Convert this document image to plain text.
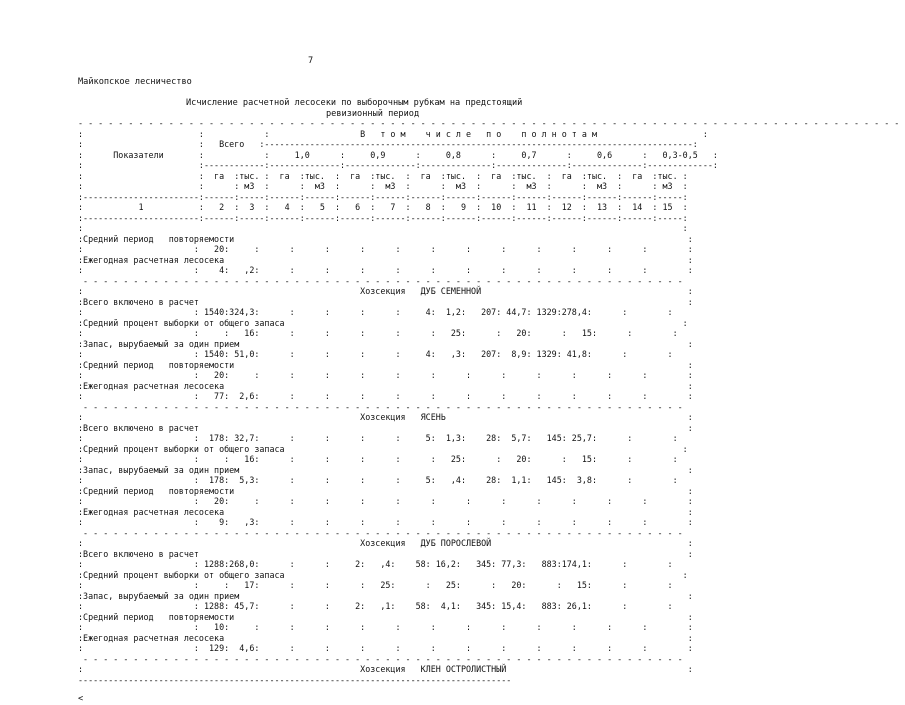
7
Майкопское лесничество
Исчисление расчетной лесосеки по выборочным рубкам на предстоящий
ревизионный период
- - - - - - - - - - - - - - - - - - - - - - - - - - - - - - - - - - - - - - - - - - - - - - - - - - - - - - - - - - - - - - - - - - - - - - - - - - - - - - - - - -
:                       :            :                  В   т о м    ч и с л е   п о    п о л н о т а м                     :
:                       :   Всего   :-------------------------------------------------------------------------------------:
:      Показатели       :            :     1,0      :     0,9      :     0,8      :     0,7      :     0,6      :   0,3-0,5   :
:                       :------------:--------------:--------------:--------------:--------------:--------------:-------------:
:                       :  га  :тыс. :  га  :тыс.  :  га  :тыс.  :  га  :тыс.  :  га  :тыс.  :  га  :тыс.  :  га  :тыс. :
:                       :      : м3  :      :  м3  :      :  м3  :      :  м3  :      :  м3  :      :  м3  :      : м3  :
:-----------------------:------:-----:------:------:------:------:------:------:------:------:------:------:------:-----:
:           1           :   2  :  3  :   4  :   5  :   6  :   7  :   8  :   9  :  10  :  11  :  12  :  13  :  14  : 15  :
:-----------------------:------:-----:------:------:------:------:------:------:------:------:------:------:------:-----:
:                                                                                                                       :
:Средний период   повторяемости                                                                                          :
:                      :   20:     :      :      :      :      :      :      :      :      :      :      :      :        :
:Ежегодная расчетная лесосека                                                                                            :
:                      :    4:   ,2:      :      :      :      :      :      :      :      :      :      :      :        :
- - - - - - - - - - - - - - - - - - - - - - - - - - - - - - - - - - - - - - - - - - - - - - - - - - - - - - - - - - - -
:                                                       Хозсекция   ДУБ СЕМЕННОЙ                                         :
:Всего включено в расчет                                                                                                 :
:                      : 1540:324,3:      :      :      :      :     4:  1,2:   207: 44,7: 1329:278,4:      :        :
:Средний процент выборки от общего запаса                                                                               :
:                      :     :   16:      :      :      :      :      :   25:      :   20:      :   15:      :        :
:Запас, вырубаемый за один прием                                                                                         :
:                      : 1540: 51,0:      :      :      :      :     4:   ,3:   207:  8,9: 1329: 41,8:      :        :
:Средний период   повторяемости                                                                                          :
:                      :   20:     :      :      :      :      :      :      :      :      :      :      :      :        :
:Ежегодная расчетная лесосека                                                                                            :
:                      :   77:  2,6:      :      :      :      :      :      :      :      :      :      :      :        :
- - - - - - - - - - - - - - - - - - - - - - - - - - - - - - - - - - - - - - - - - - - - - - - - - - - - - - - - - - - -
:                                                       Хозсекция   ЯСЕНЬ                                                :
:Всего включено в расчет                                                                                                 :
:                      :  178: 32,7:      :      :      :      :     5:  1,3:    28:  5,7:   145: 25,7:      :        :
:Средний процент выборки от общего запаса                                                                               :
:                      :     :   16:      :      :      :      :      :   25:      :   20:      :   15:      :        :
:Запас, вырубаемый за один прием                                                                                         :
:                      :  178:  5,3:      :      :      :      :     5:   ,4:    28:  1,1:   145:  3,8:      :        :
:Средний период   повторяемости                                                                                          :
:                      :   20:     :      :      :      :      :      :      :      :      :      :      :      :        :
:Ежегодная расчетная лесосека                                                                                            :
:                      :    9:   ,3:      :      :      :      :      :      :      :      :      :      :      :        :
- - - - - - - - - - - - - - - - - - - - - - - - - - - - - - - - - - - - - - - - - - - - - - - - - - - - - - - - - - - -
:                                                       Хозсекция   ДУБ ПОРОСЛЕВОЙ                                       :
:Всего включено в расчет                                                                                                 :
:                      : 1288:268,0:      :      :     2:   ,4:    58: 16,2:   345: 77,3:   883:174,1:      :        :
:Средний процент выборки от общего запаса                                                                               :
:                      :     :   17:      :      :      :   25:      :   25:      :   20:      :   15:      :        :
:Запас, вырубаемый за один прием                                                                                         :
:                      : 1288: 45,7:      :      :     2:   ,1:    58:  4,1:   345: 15,4:   883: 26,1:      :        :
:Средний период   повторяемости                                                                                          :
:                      :   10:     :      :      :      :      :      :      :      :      :      :      :      :        :
:Ежегодная расчетная лесосека                                                                                            :
:                      :  129:  4,6:      :      :      :      :      :      :      :      :      :      :      :        :
- - - - - - - - - - - - - - - - - - - - - - - - - - - - - - - - - - - - - - - - - - - - - - - - - - - - - - - - - - - -
:                                                       Хозсекция   КЛЕН ОСТРОЛИСТНЫЙ                                    :
--------------------------------------------------------------------------------------
<
